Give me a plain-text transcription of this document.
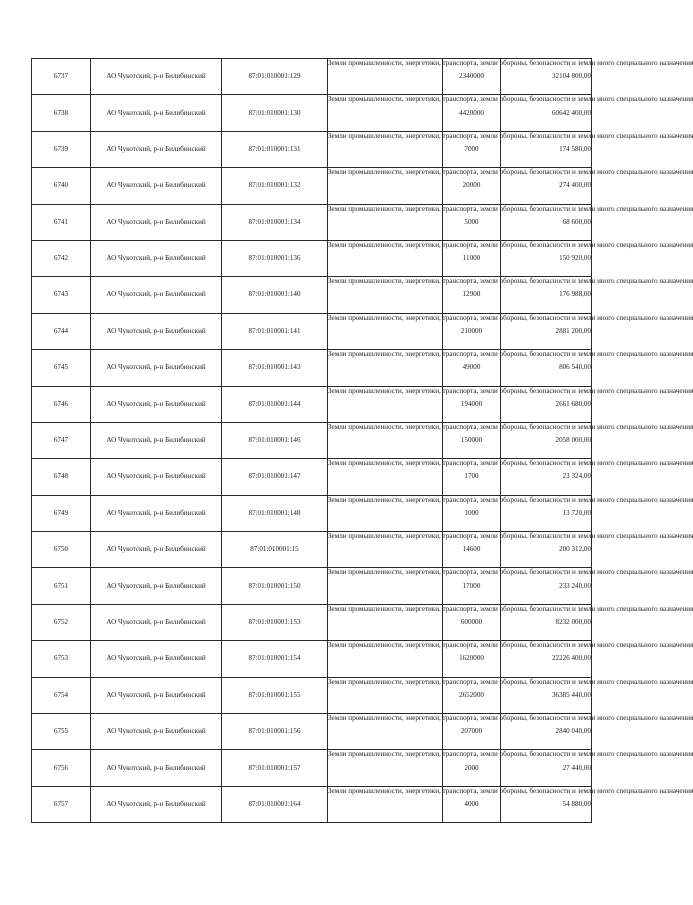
6737	АО Чукотский, р-н Билибинский	87:01:010001:129	Земли промышленности, энергетики, транспорта, земли обороны, безопасности и земли иного специального назначения	2340000	32104 800,00
6738	АО Чукотский, р-н Билибинский	87:01:010001:130	Земли промышленности, энергетики, транспорта, земли обороны, безопасности и земли иного специального назначения	4420000	60642 400,00
6739	АО Чукотский, р-н Билибинский	87:01:010001:131	Земли промышленности, энергетики, транспорта, земли обороны, безопасности и земли иного специального назначения	7000	174 580,00
6740	АО Чукотский, р-н Билибинский	87:01:010001:132	Земли промышленности, энергетики, транспорта, земли обороны, безопасности и земли иного специального назначения	20000	274 400,00
6741	АО Чукотский, р-н Билибинский	87:01:010001:134	Земли промышленности, энергетики, транспорта, земли обороны, безопасности и земли иного специального назначения	5000	68 600,00
6742	АО Чукотский, р-н Билибинский	87:01:010001:136	Земли промышленности, энергетики, транспорта, земли обороны, безопасности и земли иного специального назначения	11000	150 920,00
6743	АО Чукотский, р-н Билибинский	87:01:010001:140	Земли промышленности, энергетики, транспорта, земли обороны, безопасности и земли иного специального назначения	12900	176 988,00
6744	АО Чукотский, р-н Билибинский	87:01:010001:141	Земли промышленности, энергетики, транспорта, земли обороны, безопасности и земли иного специального назначения	210000	2881 200,00
6745	АО Чукотский, р-н Билибинский	87:01:010001:143	Земли промышленности, энергетики, транспорта, земли обороны, безопасности и земли иного специального назначения	49000	806 540,00
6746	АО Чукотский, р-н Билибинский	87:01:010001:144	Земли промышленности, энергетики, транспорта, земли обороны, безопасности и земли иного специального назначения	194000	2661 680,00
6747	АО Чукотский, р-н Билибинский	87:01:010001:146	Земли промышленности, энергетики, транспорта, земли обороны, безопасности и земли иного специального назначения	150000	2058 000,00
6748	АО Чукотский, р-н Билибинский	87:01:010001:147	Земли промышленности, энергетики, транспорта, земли обороны, безопасности и земли иного специального назначения	1700	23 324,00
6749	АО Чукотский, р-н Билибинский	87:01:010001:148	Земли промышленности, энергетики, транспорта, земли обороны, безопасности и земли иного специального назначения	1000	13 720,00
6750	АО Чукотский, р-н Билибинский	87:01:010001:15	Земли промышленности, энергетики, транспорта, земли обороны, безопасности и земли иного специального назначения	14600	200 312,00
6751	АО Чукотский, р-н Билибинский	87:01:010001:150	Земли промышленности, энергетики, транспорта, земли обороны, безопасности и земли иного специального назначения	17000	233 240,00
6752	АО Чукотский, р-н Билибинский	87:01:010001:153	Земли промышленности, энергетики, транспорта, земли обороны, безопасности и земли иного специального назначения	600000	8232 000,00
6753	АО Чукотский, р-н Билибинский	87:01:010001:154	Земли промышленности, энергетики, транспорта, земли обороны, безопасности и земли иного специального назначения	1620000	22226 400,00
6754	АО Чукотский, р-н Билибинский	87:01:010001:155	Земли промышленности, энергетики, транспорта, земли обороны, безопасности и земли иного специального назначения	2652000	36385 440,00
6755	АО Чукотский, р-н Билибинский	87:01:010001:156	Земли промышленности, энергетики, транспорта, земли обороны, безопасности и земли иного специального назначения	207000	2840 040,00
6756	АО Чукотский, р-н Билибинский	87:01:010001:157	Земли промышленности, энергетики, транспорта, земли обороны, безопасности и земли иного специального назначения	2000	27 440,00
6757	АО Чукотский, р-н Билибинский	87:01:010001:164	Земли промышленности, энергетики, транспорта, земли обороны, безопасности и земли иного специального назначения	4000	54 880,00
